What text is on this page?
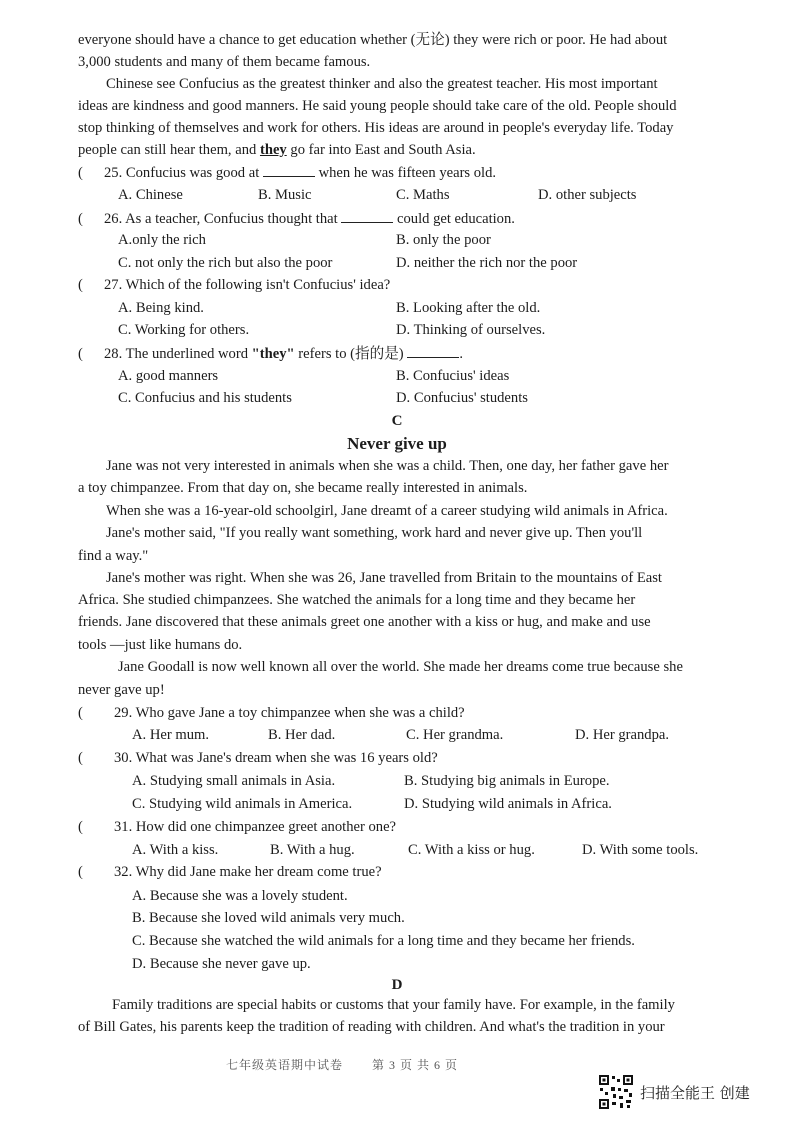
everyone should have a chance to get education whether (无论) they were rich or poor. He had about
3,000 students and many of them became famous.
Chinese see Confucius as the greatest thinker and also the greatest teacher. His most important
ideas are kindness and good manners. He said young people should take care of the old. People should
stop thinking of themselves and work for others. His ideas are around in people's everyday life. Today
people can still hear them, and they go far into East and South Asia.
( 25. Confucius was good at	when he was fifteen years old.
A. Chinese	B. Music	C. Maths	D. other subjects
( 26. As a teacher, Confucius thought that	could get education.
A.only the rich	B. only the poor
C. not only the rich but also the poor	D. neither the rich nor the poor
( 27. Which of the following isn't Confucius' idea?
A. Being kind.	B. Looking after the old.
C. Working for others.	D. Thinking of ourselves.
( 28. The underlined word "they" refers to (指的是)	.
A. good manners	B. Confucius' ideas
C. Confucius and his students	D. Confucius' students
C
Never give up
Jane was not very interested in animals when she was a child. Then, one day, her father gave her
a toy chimpanzee. From that day on, she became really interested in animals.
When she was a 16-year-old schoolgirl, Jane dreamt of a career studying wild animals in Africa.
Jane's mother said, "If you really want something, work hard and never give up. Then you'll
find a way."
Jane's mother was right. When she was 26, Jane travelled from Britain to the mountains of East
Africa. She studied chimpanzees. She watched the animals for a long time and they became her
friends. Jane discovered that these animals greet one another with a kiss or hug, and make and use
tools —just like humans do.
Jane Goodall is now well known all over the world. She made her dreams come true because she
never gave up!
( 29. Who gave Jane a toy chimpanzee when she was a child?
A. Her mum.	B. Her dad.	C. Her grandma.	D. Her grandpa.
( 30. What was Jane's dream when she was 16 years old?
A. Studying small animals in Asia.	B. Studying big animals in Europe.
C. Studying wild animals in America.	D. Studying wild animals in Africa.
( 31. How did one chimpanzee greet another one?
A. With a kiss.	B. With a hug.	C. With a kiss or hug.	D. With some tools.
( 32. Why did Jane make her dream come true?
A. Because she was a lovely student.
B. Because she loved wild animals very much.
C. Because she watched the wild animals for a long time and they became her friends.
D. Because she never gave up.
D
Family traditions are special habits or customs that your family have. For example, in the family
of Bill Gates, his parents keep the tradition of reading with children. And what's the tradition in your
七年级英语期中试卷 第 3 页 共 6 页
扫描全能王 创建
